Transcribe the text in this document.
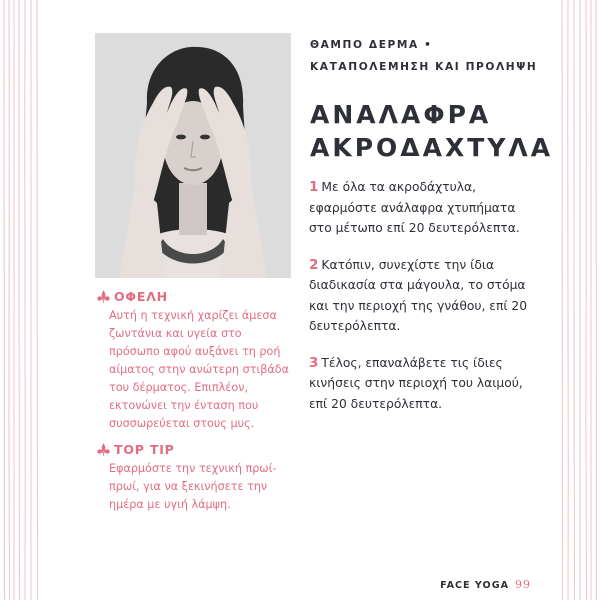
ΟΦΕΛΗ
Αυτή η τεχνική χαρίζει άμεσα ζωντάνια και υγεία στο πρόσωπο αφού αυξάνει τη ροή αίματος στην ανώτερη στιβάδα του δέρματος. Επιπλέον, εκτονώνει την ένταση που συσσωρεύεται στους μυς.
TOP TIP
Εφαρμόστε την τεχνική πρωί-πρωί, για να ξεκινήσετε την ημέρα με υγιή λάμψη.
ΘΑΜΠΟ ΔΕΡΜΑ • ΚΑΤΑΠΟΛΕΜΗΣΗ ΚΑΙ ΠΡΟΛΗΨΗ
ΑΝΑΛΑΦΡΑ ΑΚΡΟΔΑΧΤΥΛΑ

1 Με όλα τα ακροδάχτυλα, εφαρμόστε ανάλαφρα χτυπήματα στο μέτωπο επί 20 δευτερόλεπτα.

2 Κατόπιν, συνεχίστε την ίδια διαδικασία στα μάγουλα, το στόμα και την περιοχή της γνάθου, επί 20 δευτερόλεπτα.

3 Τέλος, επαναλάβετε τις ίδιες κινήσεις στην περιοχή του λαιμού, επί 20 δευτερόλεπτα.

FACE YOGA 99
